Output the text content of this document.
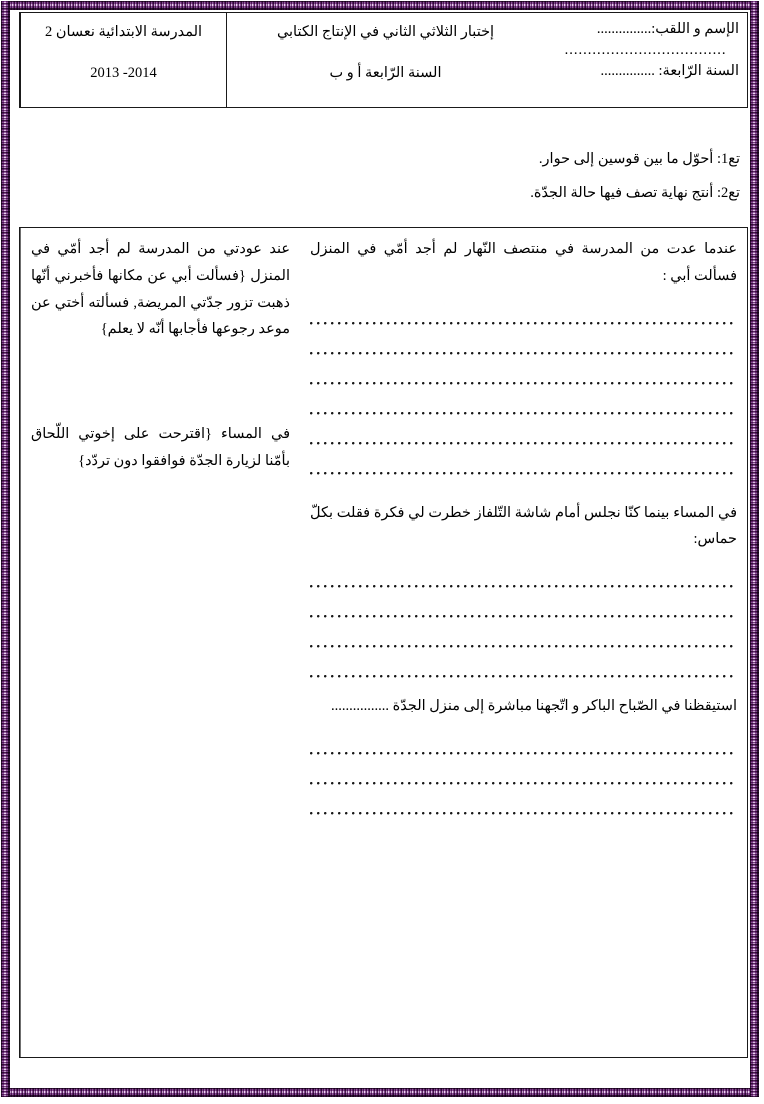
المدرسة الابتدائية نعسان 2

2013 -2014

إختبار الثلاثي الثاني في الإنتاج الكتابي

السنة الرّابعة أ و ب

الإسم و اللقب:...............

...................................

السنة الرّابعة: ...............

تع1: أحوّل ما بين قوسين إلى حوار.

تع2: أنتج نهاية تصف فيها حالة الجدّة.

عند عودتي من المدرسة لم أجد أمّي في المنزل {فسألت أبي عن مكانها فأخبرني أنّها ذهبت تزور جدّتي المريضة, فسألته أختي عن موعد رجوعها فأجابها أنّه لا يعلم}

في المساء {اقترحت على إخوتي اللّحاق بأمّنا لزيارة الجدّة فوافقوا دون تردّد}

عندما عدت من المدرسة في منتصف النّهار لم أجد أمّي في المنزل فسألت أبي :

في المساء بينما كنّا نجلس أمام شاشة التّلفاز خطرت لي فكرة فقلت بكلّ حماس:

استيقظنا في الصّباح الباكر و اتّجهنا مباشرة إلى منزل الجدّة ................
